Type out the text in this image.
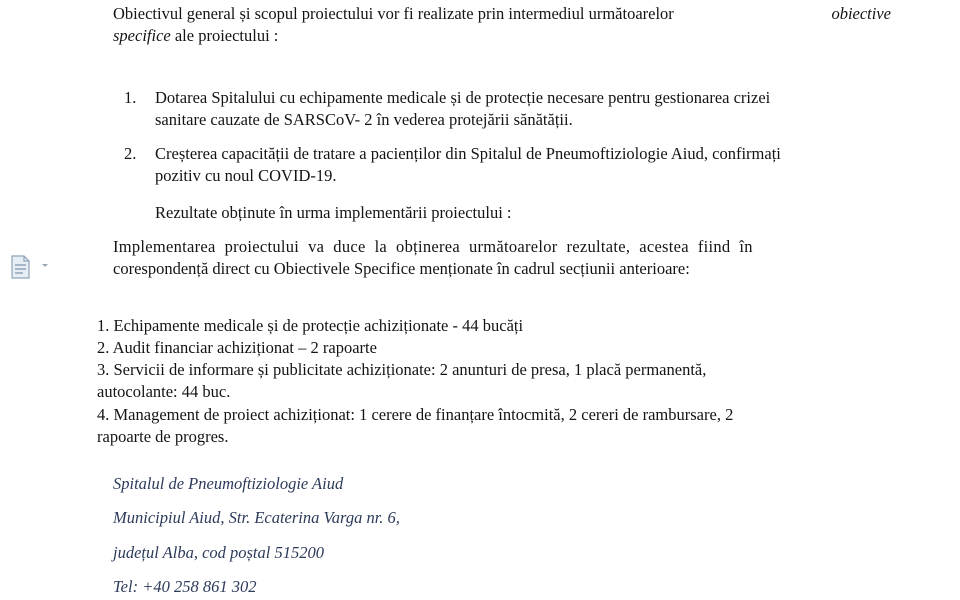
Obiectivul general și scopul proiectului vor fi realizate prin intermediul următoarelor	obiective
specifice ale proiectului :
1. Dotarea Spitalului cu echipamente medicale și de protecție necesare pentru gestionarea crizei
sanitare cauzate de SARSCoV- 2 în vederea protejării sănătății.
2. Creșterea capacității de tratare a pacienților din Spitalul de Pneumoftiziologie Aiud, confirmați
pozitiv cu noul COVID-19.
Rezultate obținute în urma implementării proiectului :
Implementarea proiectului va duce la obținerea următoarelor rezultate, acestea fiind în
corespondență direct cu Obiectivele Specifice menționate în cadrul secțiunii anterioare:
1. Echipamente medicale și de protecție achiziționate - 44 bucăți
2. Audit financiar achiziționat – 2 rapoarte
3. Servicii de informare și publicitate achiziționate: 2 anunturi de presa, 1 placă permanentă,
autocolante: 44 buc.
4. Management de proiect achiziționat: 1 cerere de finanțare întocmită, 2 cereri de rambursare, 2
rapoarte de progres.
Spitalul de Pneumoftiziologie Aiud
Municipiul Aiud, Str. Ecaterina Varga nr. 6,
județul Alba, cod poștal 515200
Tel: +40 258 861 302
